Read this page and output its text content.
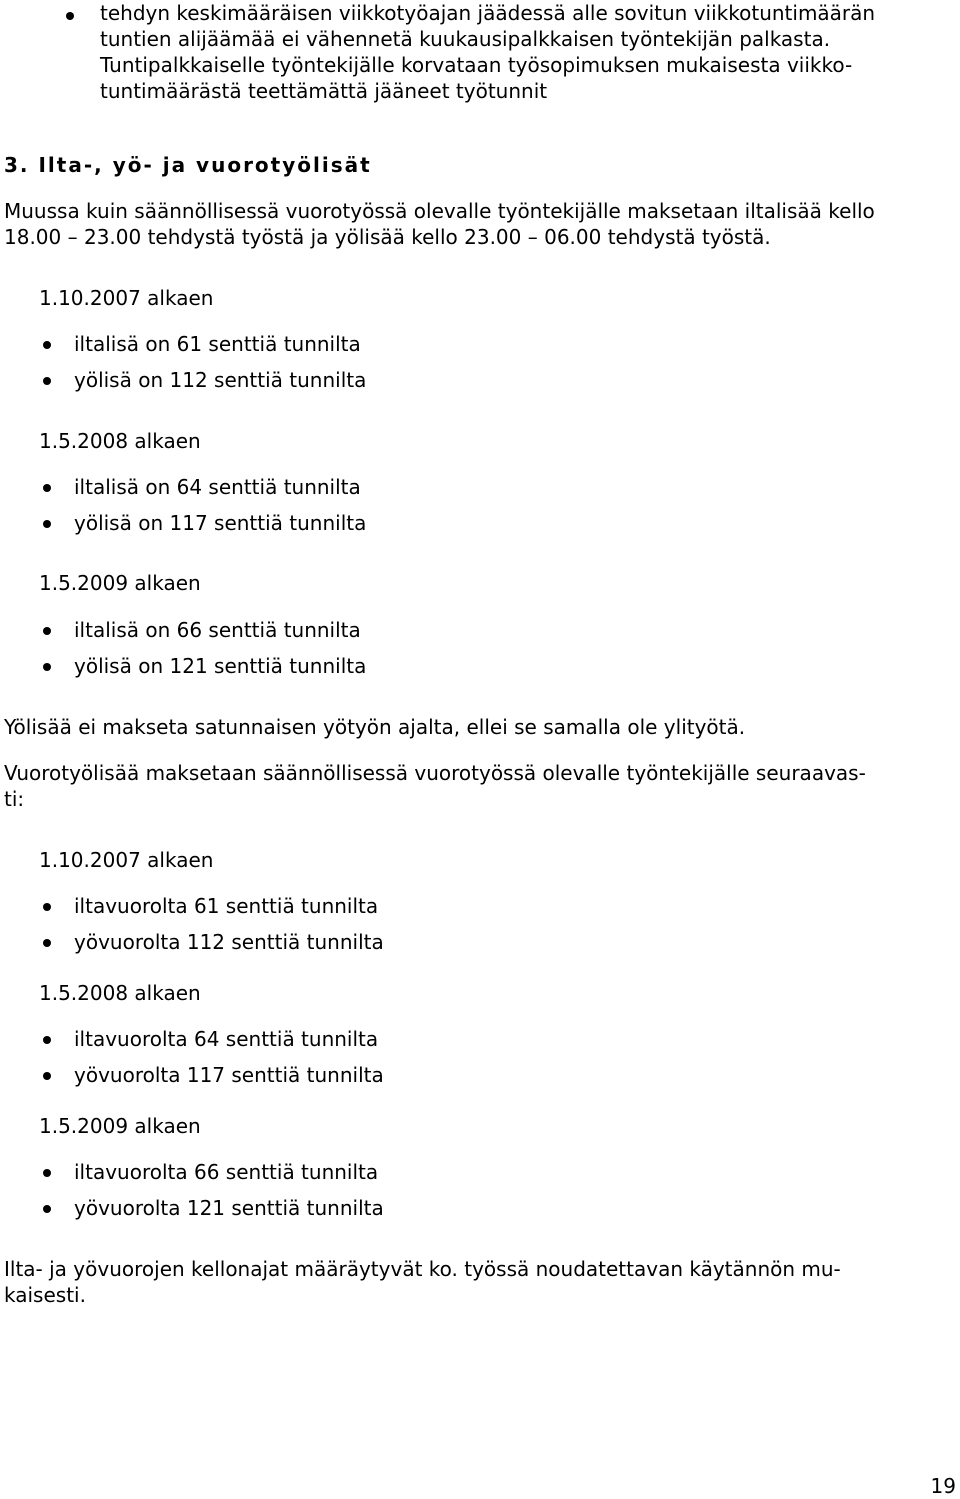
tehdyn keskimääräisen viikkotyöajan jäädessä alle sovitun viikkotuntimäärän
tuntien alijäämää ei vähennetä kuukausipalkkaisen työntekijän palkasta.
Tuntipalkkaiselle työntekijälle korvataan työsopimuksen mukaisesta viikko-
tuntimäärästä teettämättä jääneet työtunnit
3. Ilta-, yö- ja vuorotyölisät
Muussa kuin säännöllisessä vuorotyössä olevalle työntekijälle maksetaan iltalisää kello
18.00 – 23.00 tehdystä työstä ja yölisää kello 23.00 – 06.00 tehdystä työstä.
1.10.2007 alkaen
iltalisä on 61 senttiä tunnilta
yölisä on 112 senttiä tunnilta
1.5.2008 alkaen
iltalisä on 64 senttiä tunnilta
yölisä on 117 senttiä tunnilta
1.5.2009 alkaen
iltalisä on 66 senttiä tunnilta
yölisä on 121 senttiä tunnilta
Yölisää ei makseta satunnaisen yötyön ajalta, ellei se samalla ole ylityötä.
Vuorotyölisää maksetaan säännöllisessä vuorotyössä olevalle työntekijälle seuraavas-
ti:
1.10.2007 alkaen
iltavuorolta 61 senttiä tunnilta
yövuorolta 112 senttiä tunnilta
1.5.2008 alkaen
iltavuorolta 64 senttiä tunnilta
yövuorolta 117 senttiä tunnilta
1.5.2009 alkaen
iltavuorolta 66 senttiä tunnilta
yövuorolta 121 senttiä tunnilta
Ilta- ja yövuorojen kellonajat määräytyvät ko. työssä noudatettavan käytännön mu-
kaisesti.
19
